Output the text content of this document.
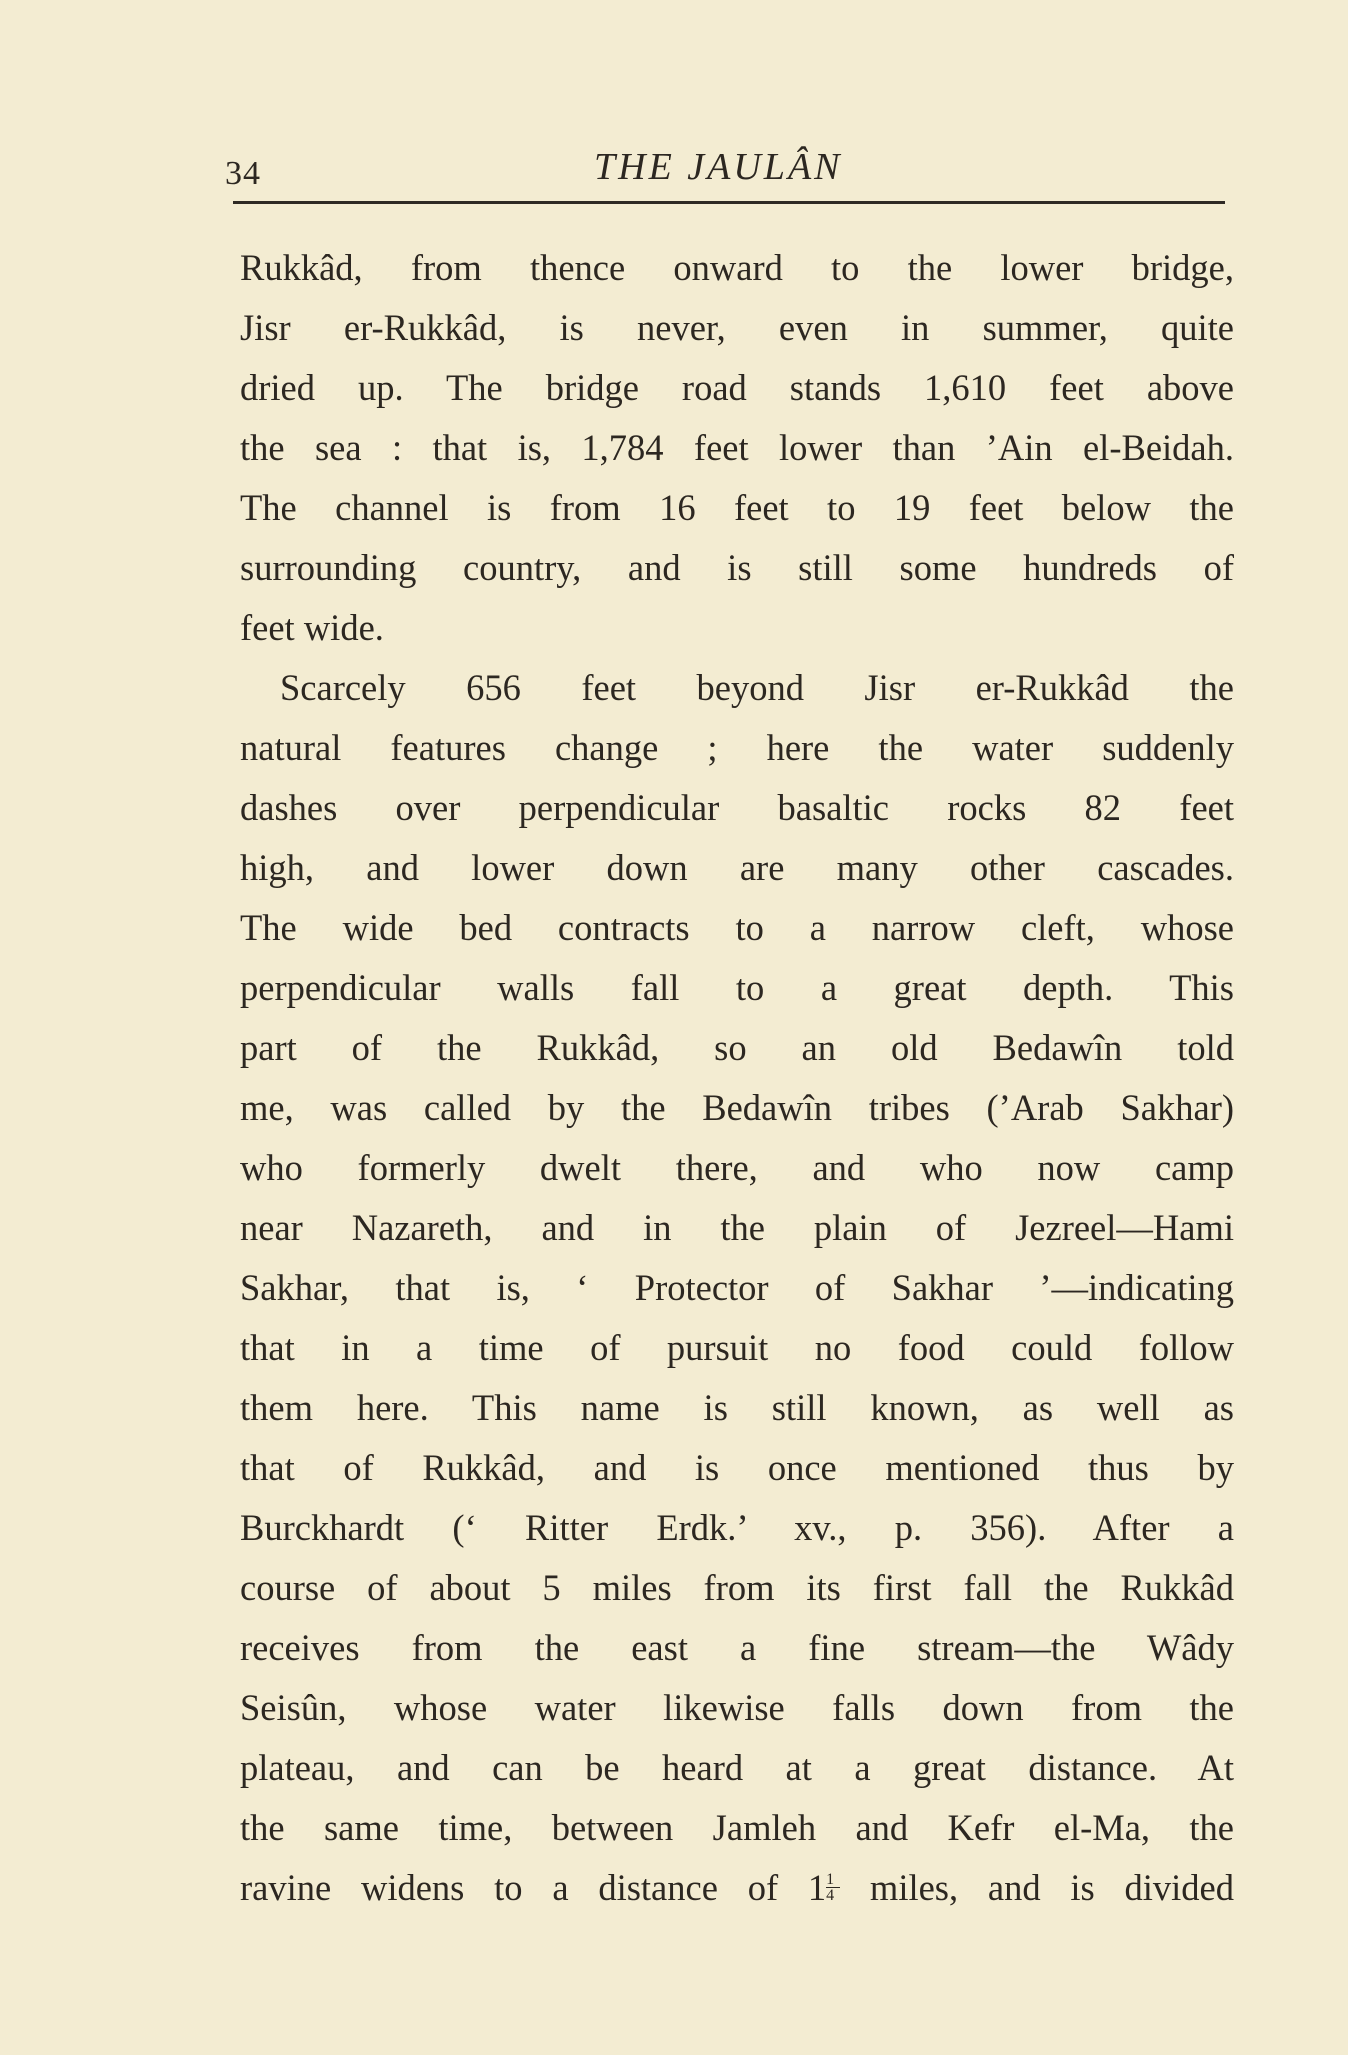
34	THE JAULÂN
Rukkâd, from thence onward to the lower bridge,
Jisr er-Rukkâd, is never, even in summer, quite
dried up. The bridge road stands 1,610 feet above
the sea : that is, 1,784 feet lower than ’Ain el-Beidah.
The channel is from 16 feet to 19 feet below the
surrounding country, and is still some hundreds of
feet wide.
Scarcely 656 feet beyond Jisr er-Rukkâd the
natural features change ; here the water suddenly
dashes over perpendicular basaltic rocks 82 feet
high, and lower down are many other cascades.
The wide bed contracts to a narrow cleft, whose
perpendicular walls fall to a great depth. This
part of the Rukkâd, so an old Bedawîn told
me, was called by the Bedawîn tribes (’Arab Sakhar)
who formerly dwelt there, and who now camp
near Nazareth, and in the plain of Jezreel—Hami
Sakhar, that is, ‘ Protector of Sakhar ’—indicating
that in a time of pursuit no food could follow
them here. This name is still known, as well as
that of Rukkâd, and is once mentioned thus by
Burckhardt (‘ Ritter Erdk.’ xv., p. 356). After a
course of about 5 miles from its first fall the Rukkâd
receives from the east a fine stream—the Wâdy
Seisûn, whose water likewise falls down from the
plateau, and can be heard at a great distance. At
the same time, between Jamleh and Kefr el-Ma, the
ravine widens to a distance of $1 \frac{1}{4}$ miles, and is divided
